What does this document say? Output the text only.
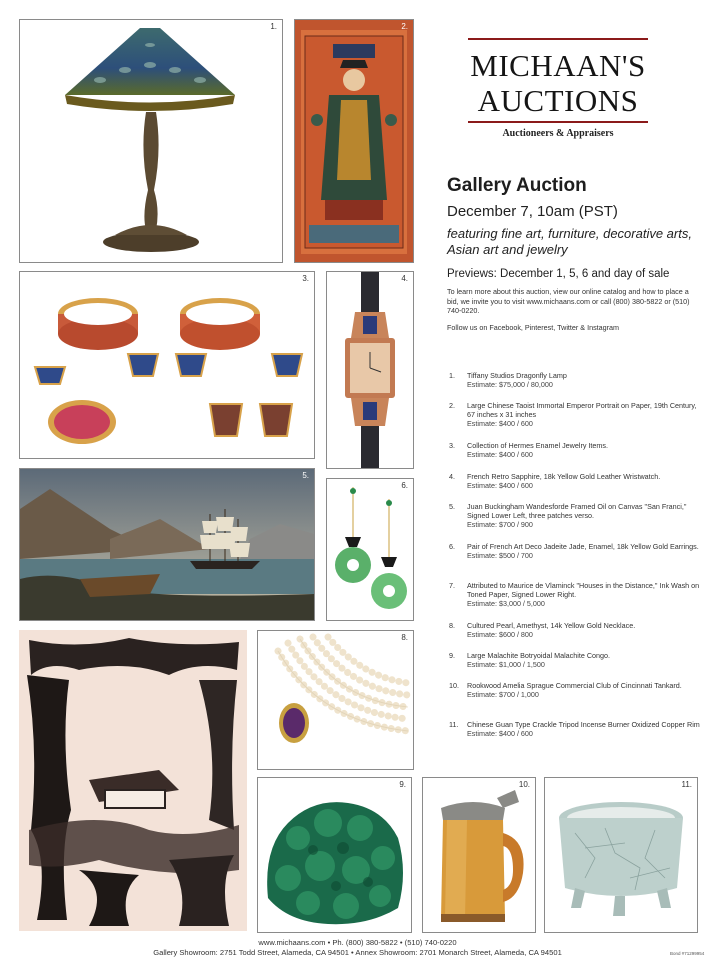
1.	2.
MICHAAN'S
AUCTIONS
Auctioneers & Appraisers
Gallery Auction
December 7, 10am (PST)
featuring fine art, furniture, decorative arts, Asian art and jewelry
Previews: December 1, 5, 6 and day of sale
To learn more about this auction, view our online catalog and how to place a bid, we invite you to visit www.michaans.com or call (800) 380-5822 or (510) 740-0220.
Follow us on Facebook, Pinterest, Twitter & Instagram
3.	4.
5.
6.
8.
9.	10.	11.
1.	Tiffany Studios Dragonfly Lamp
Estimate: $75,000 / 80,000
2.	Large Chinese Taoist Immortal Emperor Portrait on Paper, 19th Century, 67 inches x 31 inches
Estimate: $400 / 600
3.	Collection of Hermes Enamel Jewelry Items.
Estimate: $400 / 600
4.	French Retro Sapphire, 18k Yellow Gold Leather Wristwatch.
Estimate: $400 / 600
5.	Juan Buckingham Wandesforde Framed Oil on Canvas "San Franci," Signed Lower Left, three patches verso.
Estimate: $700 / 900
6.	Pair of French Art Deco Jadeite Jade, Enamel, 18k Yellow Gold Earrings.
Estimate: $500 / 700
7.	Attributed to Maurice de Vlaminck "Houses in the Distance," Ink Wash on Toned Paper, Signed Lower Right.
Estimate: $3,000 / 5,000
8.	Cultured Pearl, Amethyst, 14k Yellow Gold Necklace.
Estimate: $600 / 800
9.	Large Malachite Botryoidal Malachite Congo.
Estimate: $1,000 / 1,500
10.	Rookwood Amelia Sprague Commercial Club of Cincinnati Tankard.
Estimate: $700 / 1,000
11.	Chinese Guan Type Crackle Tripod Incense Burner Oxidized Copper Rim
Estimate: $400 / 600
www.michaans.com • Ph. (800) 380-5822 • (510) 740-0220
Gallery Showroom: 2751 Todd Street, Alameda, CA 94501 • Annex Showroom: 2701 Monarch Street, Alameda, CA 94501	Bond #71299954
